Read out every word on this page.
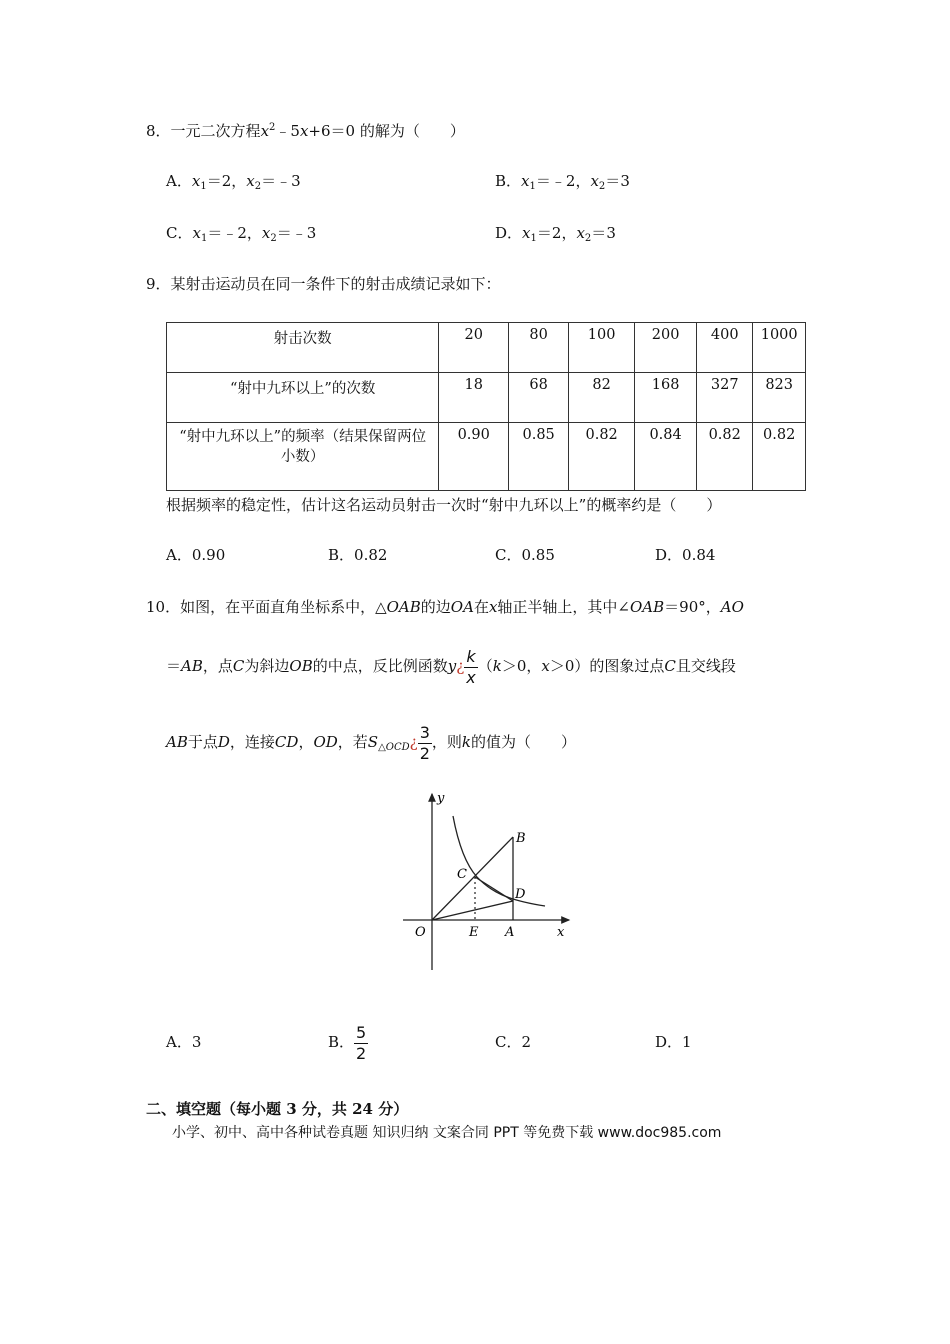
8．一元二次方程$x^2﹣5x+6=0$ 的解为（　　）
A．$x_1=2$，$x_2=﹣3$	B．$x_1=﹣2$，$x_2=3$
C．$x_1=﹣2$，$x_2=﹣3$	D．$x_1=2$，$x_2=3$
9．某射击运动员在同一条件下的射击成绩记录如下：
射击次数	20	80	100	200	400	1000
“射中九环以上”的次数	18	68	82	168	327	823
“射中九环以上”的频率（结果保留两位小数）	0.90	0.85	0.82	0.84	0.82	0.82
根据频率的稳定性，估计这名运动员射击一次时“射中九环以上”的概率约是（　　）
A．0.90	B．0.82	C．0.85	D．0.84
10．如图，在平面直角坐标系中，△OAB的边OA在x轴正半轴上，其中∠OAB＝90°，AO
＝AB，点C为斜边OB的中点，反比例函数y¿ $\frac{k}{x} (k>0$，x＞0）的图象过点C且交线段
AB于点D，连接CD，OD，若$S_{\triangle OCD}¿ \frac{3}{2}$ ，则k的值为（　　）
y
x
O	E A
B
C
D
A．3	B． $\frac{5}{2}$	C．2	D．1
二、填空题（每小题 3 分，共 24 分）
小学、初中、高中各种试卷真题 知识归纳 文案合同 PPT 等免费下载 www.doc985.com
